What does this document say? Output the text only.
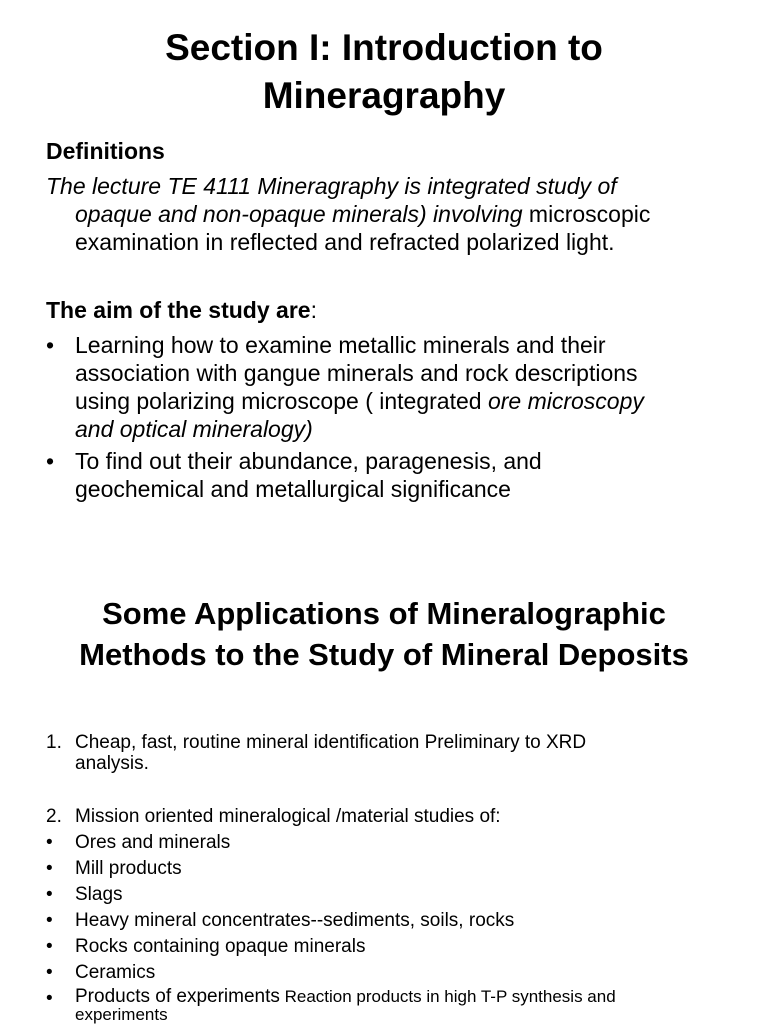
Section I: Introduction to
Mineragraphy
Definitions
The lecture TE 4111 Mineragraphy is integrated study of
opaque and non-opaque minerals) involving microscopic
examination in reflected and refracted polarized light.
The aim of the study are:
• Learning how to examine metallic minerals and their
association with gangue minerals and rock descriptions
using polarizing microscope ( integrated ore microscopy
and optical mineralogy)
• To find out their abundance, paragenesis, and
geochemical and metallurgical significance
Some Applications of Mineralographic
Methods to the Study of Mineral Deposits
1. Cheap, fast, routine mineral identification Preliminary to XRD
analysis.
2. Mission oriented mineralogical /material studies of:
• Ores and minerals
• Mill products
• Slags
• Heavy mineral concentrates--sediments, soils, rocks
• Rocks containing opaque minerals
• Ceramics
• Products of experiments Reaction products in high T-P synthesis and
experiments
